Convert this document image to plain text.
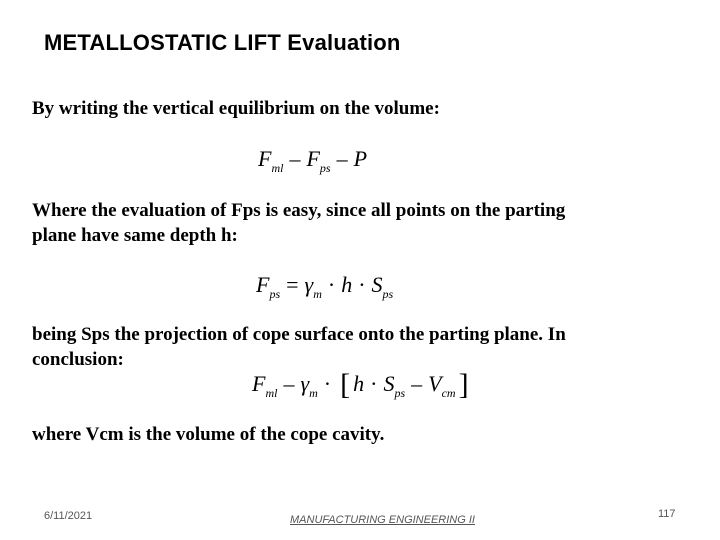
METALLOSTATIC LIFT Evaluation
By writing the vertical equilibrium on the volume:
$F_{ml} - F_{ps}$ – P
Where the evaluation of Fps is easy, since all points on the parting
plane have same depth h:
$F_{ps} = \gamma_m \cdot h \cdot S_{ps}$
being Sps the projection of cope surface onto the parting plane. In
conclusion:
$F_{ml} - \gamma_m$ · [ $h \cdot S_{ps} - V_{cm}$ ]
where Vcm is the volume of the cope cavity.
6/11/2021	MANUFACTURING ENGINEERING II	117
